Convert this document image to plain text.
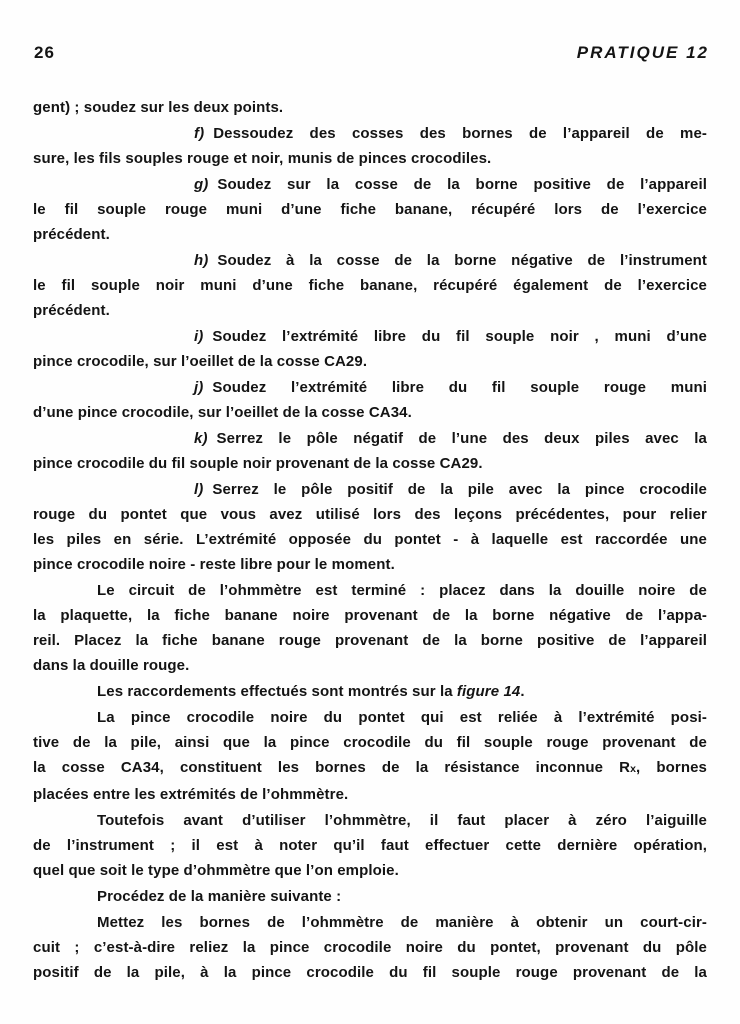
26	PRATIQUE 12
gent) ; soudez sur les deux points.
f) Dessoudez des cosses des bornes de l’appareil de me-
sure, les fils souples rouge et noir, munis de pinces crocodiles.
g) Soudez sur la cosse de la borne positive de l’appareil
le fil souple rouge muni d’une fiche banane, récupéré lors de l’exercice
précédent.
h) Soudez à la cosse de la borne négative de l’instrument
le fil souple noir muni d’une fiche banane, récupéré également de l’exercice
précédent.
i) Soudez l’extrémité libre du fil souple noir , muni d’une
pince crocodile, sur l’oeillet de la cosse CA29.
j) Soudez l’extrémité libre du fil souple rouge muni
d’une pince crocodile, sur l’oeillet de la cosse CA34.
k) Serrez le pôle négatif de l’une des deux piles avec la
pince crocodile du fil souple noir provenant de la cosse CA29.
l) Serrez le pôle positif de la pile avec la pince crocodile
rouge du pontet que vous avez utilisé lors des leçons précédentes, pour relier
les piles en série. L’extrémité opposée du pontet - à laquelle est raccordée une
pince crocodile noire - reste libre pour le moment.
Le circuit de l’ohmmètre est terminé : placez dans la douille noire de
la plaquette, la fiche banane noire provenant de la borne négative de l’appa-
reil. Placez la fiche banane rouge provenant de la borne positive de l’appareil
dans la douille rouge.
Les raccordements effectués sont montrés sur la figure 14.
La pince crocodile noire du pontet qui est reliée à l’extrémité posi-
tive de la pile, ainsi que la pince crocodile du fil souple rouge provenant de
la cosse CA34, constituent les bornes de la résistance inconnue Rx, bornes
placées entre les extrémités de l’ohmmètre.
Toutefois avant d’utiliser l’ohmmètre, il faut placer à zéro l’aiguille
de l’instrument ; il est à noter qu’il faut effectuer cette dernière opération,
quel que soit le type d’ohmmètre que l’on emploie.
Procédez de la manière suivante :
Mettez les bornes de l’ohmmètre de manière à obtenir un court-cir-
cuit ; c’est-à-dire reliez la pince crocodile noire du pontet, provenant du pôle
positif de la pile, à la pince crocodile du fil souple rouge provenant de la
